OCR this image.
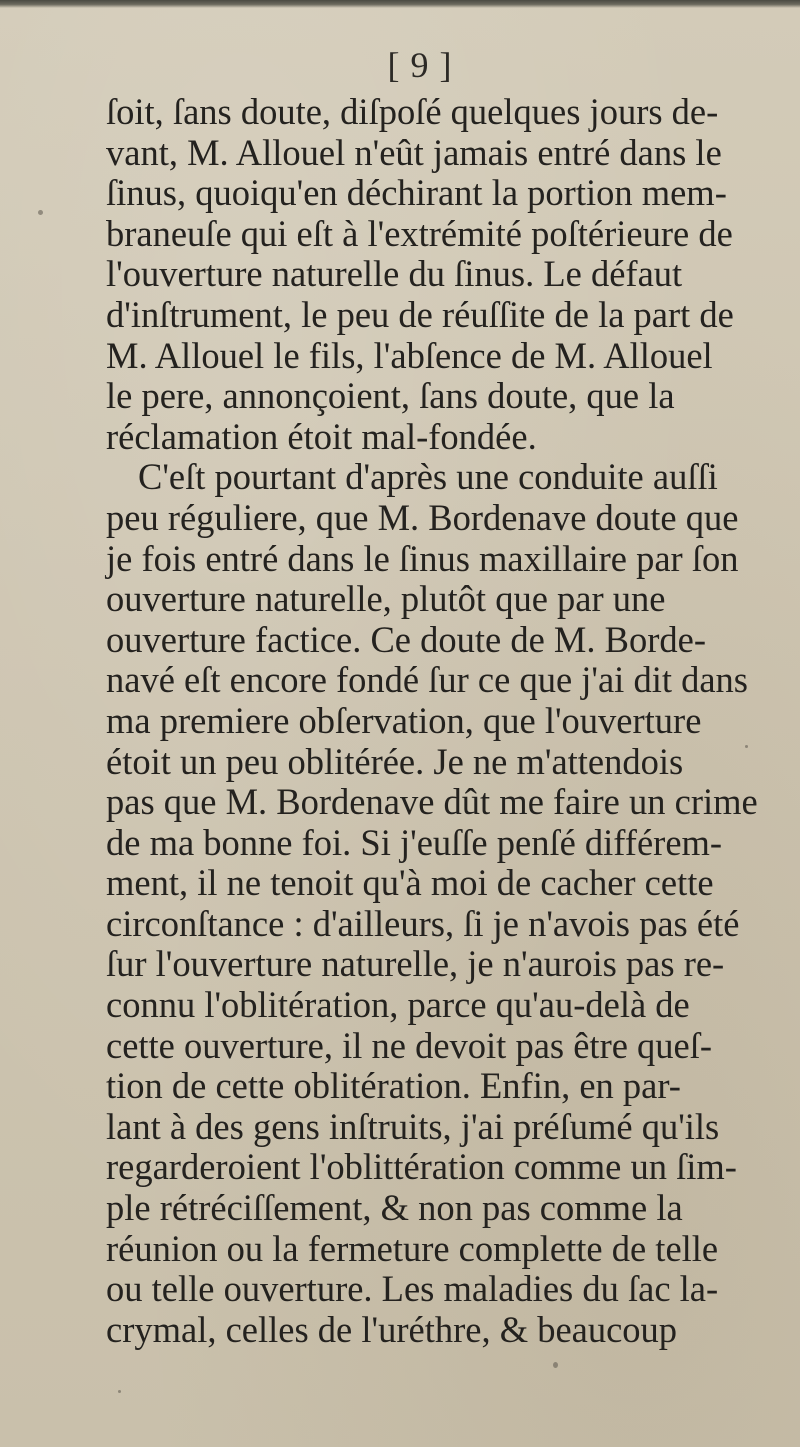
[ 9 ]
ſoit, ſans doute, diſpoſé quelques jours de-
vant, M. Allouel n'eût jamais entré dans le
ſinus, quoiqu'en déchirant la portion mem-
braneuſe qui eſt à l'extrémité poſtérieure de
l'ouverture naturelle du ſinus. Le défaut
d'inſtrument, le peu de réuſſite de la part de
M. Allouel le fils, l'abſence de M. Allouel
le pere, annonçoient, ſans doute, que la
réclamation étoit mal-fondée.
C'eſt pourtant d'après une conduite auſſi
peu réguliere, que M. Bordenave doute que
je fois entré dans le ſinus maxillaire par ſon
ouverture naturelle, plutôt que par une
ouverture factice. Ce doute de M. Borde-
navé eſt encore fondé ſur ce que j'ai dit dans
ma premiere obſervation, que l'ouverture
étoit un peu oblitérée. Je ne m'attendois
pas que M. Bordenave dût me faire un crime
de ma bonne foi. Si j'euſſe penſé différem-
ment, il ne tenoit qu'à moi de cacher cette
circonſtance : d'ailleurs, ſi je n'avois pas été
ſur l'ouverture naturelle, je n'aurois pas re-
connu l'oblitération, parce qu'au-delà de
cette ouverture, il ne devoit pas être queſ-
tion de cette oblitération. Enfin, en par-
lant à des gens inſtruits, j'ai préſumé qu'ils
regarderoient l'oblittération comme un ſim-
ple rétréciſſement, & non pas comme la
réunion ou la fermeture complette de telle
ou telle ouverture. Les maladies du ſac la-
crymal, celles de l'uréthre, & beaucoup
